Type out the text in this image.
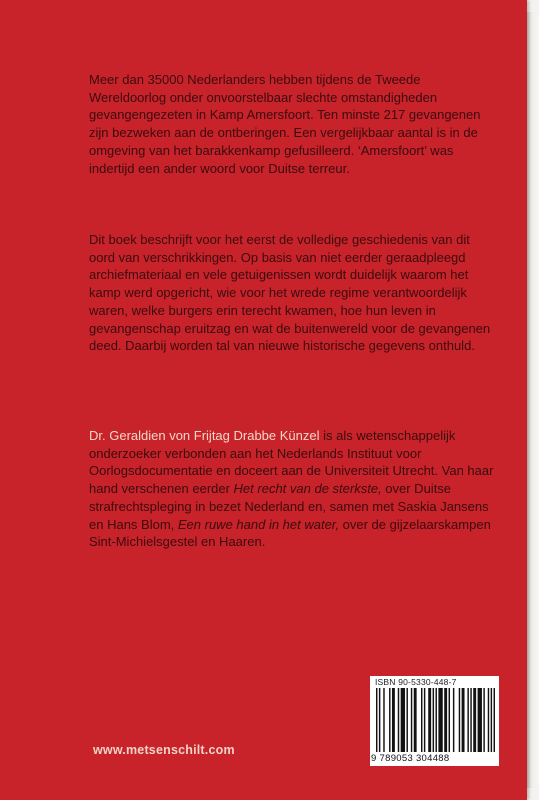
Meer dan 35000 Nederlanders hebben tijdens de Tweede Wereldoorlog onder onvoorstelbaar slechte omstandigheden gevangengezeten in Kamp Amersfoort. Ten minste 217 gevangenen zijn bezweken aan de ontberingen. Een vergelijkbaar aantal is in de omgeving van het barakkenkamp gefusilleerd. ‘Amersfoort’ was indertijd een ander woord voor Duitse terreur.

Dit boek beschrijft voor het eerst de volledige geschiedenis van dit oord van verschrikkingen. Op basis van niet eerder geraadpleegd archiefmateriaal en vele getuigenissen wordt duidelijk waarom het kamp werd opgericht, wie voor het wrede regime verantwoordelijk waren, welke burgers erin terecht kwamen, hoe hun leven in gevangenschap eruitzag en wat de buitenwereld voor de gevangenen deed. Daarbij worden tal van nieuwe historische gegevens onthuld.

Dr. Geraldien von Frijtag Drabbe Künzel is als wetenschappelijk onderzoeker verbonden aan het Nederlands Instituut voor Oorlogsdocumentatie en doceert aan de Universiteit Utrecht. Van haar hand verschenen eerder Het recht van de sterkste, over Duitse strafrechtspleging in bezet Nederland en, samen met Saskia Jansens en Hans Blom, Een ruwe hand in het water, over de gijzelaarskampen Sint-Michielsgestel en Haaren.

ISBN 90-5330-448-7

9 789053 304488

www.metsenschilt.com
